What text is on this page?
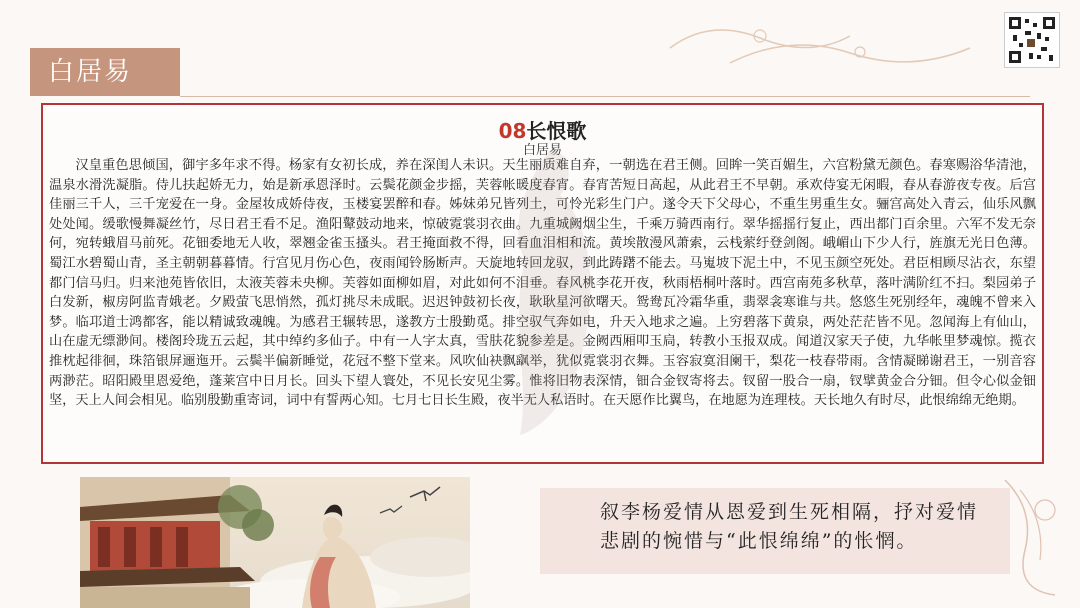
白居易
08长恨歌
白居易

汉皇重色思倾国，御宇多年求不得。杨家有女初长成，养在深闺人未识。天生丽质难自弃，一朝选在君王侧。回眸一笑百媚生，六宫粉黛无颜色。春寒赐浴华清池，温泉水滑洗凝脂。侍儿扶起娇无力，始是新承恩泽时。云鬓花颜金步摇，芙蓉帐暖度春宵。春宵苦短日高起，从此君王不早朝。承欢侍宴无闲暇，春从春游夜专夜。后宫佳丽三千人，三千宠爱在一身。金屋妆成娇侍夜，玉楼宴罢醉和春。姊妹弟兄皆列土，可怜光彩生门户。遂令天下父母心，不重生男重生女。骊宫高处入青云，仙乐风飘处处闻。缓歌慢舞凝丝竹，尽日君王看不足。渔阳鼙鼓动地来，惊破霓裳羽衣曲。九重城阙烟尘生，千乘万骑西南行。翠华摇摇行复止，西出都门百余里。六军不发无奈何，宛转蛾眉马前死。花钿委地无人收，翠翘金雀玉搔头。君王掩面救不得，回看血泪相和流。黄埃散漫风萧索，云栈萦纡登剑阁。峨嵋山下少人行，旌旗无光日色薄。蜀江水碧蜀山青，圣主朝朝暮暮情。行宫见月伤心色，夜雨闻铃肠断声。天旋地转回龙驭，到此踌躇不能去。马嵬坡下泥土中，不见玉颜空死处。君臣相顾尽沾衣，东望都门信马归。归来池苑皆依旧，太液芙蓉未央柳。芙蓉如面柳如眉，对此如何不泪垂。春风桃李花开夜，秋雨梧桐叶落时。西宫南苑多秋草，落叶满阶红不扫。梨园弟子白发新，椒房阿监青娥老。夕殿萤飞思悄然，孤灯挑尽未成眠。迟迟钟鼓初长夜，耿耿星河欲曙天。鸳鸯瓦冷霜华重，翡翠衾寒谁与共。悠悠生死别经年，魂魄不曾来入梦。临邛道士鸿都客，能以精诚致魂魄。为感君王辗转思，遂教方士殷勤觅。排空驭气奔如电，升天入地求之遍。上穷碧落下黄泉，两处茫茫皆不见。忽闻海上有仙山，山在虚无缥渺间。楼阁玲珑五云起，其中绰约多仙子。中有一人字太真，雪肤花貌参差是。金阙西厢叩玉扃，转教小玉报双成。闻道汉家天子使，九华帐里梦魂惊。揽衣推枕起徘徊，珠箔银屏逦迤开。云鬓半偏新睡觉，花冠不整下堂来。风吹仙袂飘飖举，犹似霓裳羽衣舞。玉容寂寞泪阑干，梨花一枝春带雨。含情凝睇谢君王，一别音容两渺茫。昭阳殿里恩爱绝，蓬莱宫中日月长。回头下望人寰处，不见长安见尘雾。惟将旧物表深情，钿合金钗寄将去。钗留一股合一扇，钗擘黄金合分钿。但令心似金钿坚，天上人间会相见。临别殷勤重寄词，词中有誓两心知。七月七日长生殿，夜半无人私语时。在天愿作比翼鸟，在地愿为连理枝。天长地久有时尽，此恨绵绵无绝期。

叙李杨爱情从恩爱到生死相隔，抒对爱情悲剧的惋惜与“此恨绵绵”的怅惘。
